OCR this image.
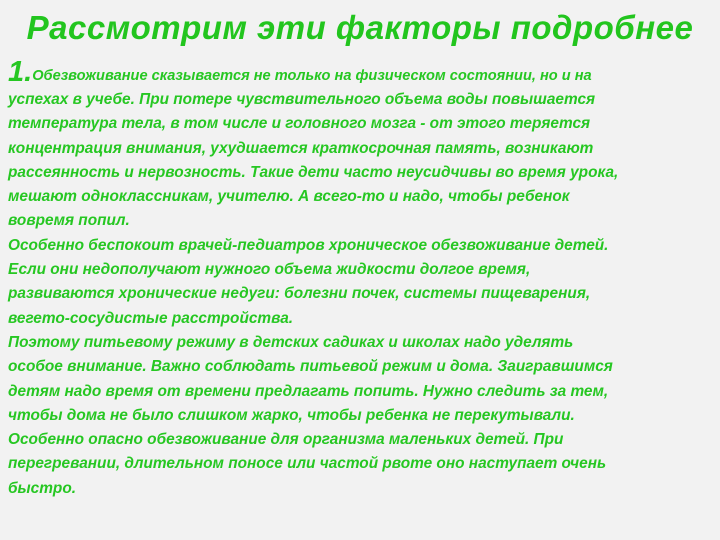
Рассмотрим эти факторы подробнее
1.Обезвоживание сказывается не только на физическом состоянии, но и на
успехах в учебе. При потере чувствительного объема воды повышается
температура тела, в том числе и головного мозга - от этого теряется
концентрация внимания, ухудшается краткосрочная память, возникают
рассеянность и нервозность. Такие дети часто неусидчивы во время урока,
мешают одноклассникам, учителю. А всего-то и надо, чтобы ребенок
вовремя попил.
Особенно беспокоит врачей-педиатров хроническое обезвоживание детей.
Если они недополучают нужного объема жидкости долгое время,
развиваются хронические недуги: болезни почек, системы пищеварения,
вегето-сосудистые расстройства.
Поэтому питьевому режиму в детских садиках и школах надо уделять
особое внимание. Важно соблюдать питьевой режим и дома. Заигравшимся
детям надо время от времени предлагать попить. Нужно следить за тем,
чтобы дома не было слишком жарко, чтобы ребенка не перекутывали.
Особенно опасно обезвоживание для организма маленьких детей. При
перегревании, длительном поносе или частой рвоте оно наступает очень
быстро.
